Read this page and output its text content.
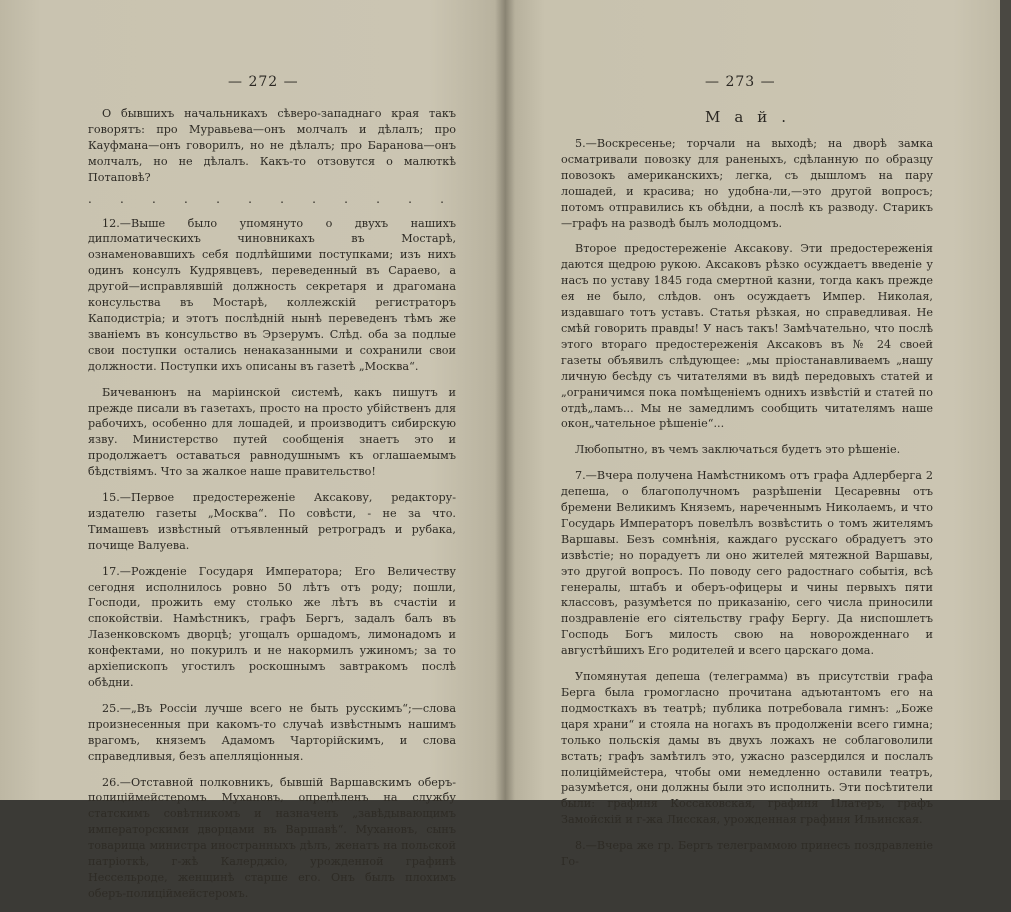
— 272 —

О бывшихъ начальникахъ сѣверо-западнаго края такъ говорятъ: про Муравьева—онъ молчалъ и дѣлалъ; про Кауфмана—онъ говорилъ, но не дѣлалъ; про Баранова—онъ молчалъ, но не дѣлалъ. Какъ-то отзовутся о малюткѣ Потаповѣ?

. . . . . . . . . . . .

12.—Выше было упомянуто о двухъ нашихъ дипломатическихъ чиновникахъ въ Мостарѣ, ознаменовавшихъ себя подлѣйшими поступками; изъ нихъ одинъ консулъ Кудрявцевъ, переведенный въ Сараево, а другой—исправлявшій должность секретаря и драгомана консульства въ Мостарѣ, коллежскій регистраторъ Каподистріа; и этотъ послѣдній нынѣ переведенъ тѣмъ же званіемъ въ консульство въ Эрзерумъ. Слѣд. оба за подлые свои поступки остались ненаказанными и сохранили свои должности. Поступки ихъ описаны въ газетѣ „Москва“.

Бичеванюнъ на маріинской системѣ, какъ пишутъ и прежде писали въ газетахъ, просто на просто убійственъ для рабочихъ, особенно для лошадей, и производитъ сибирскую язву. Министерство путей сообщенія знаетъ это и продолжаетъ оставаться равнодушнымъ къ оглашаемымъ бѣдствіямъ. Что за жалкое наше правительство!

15.—Первое предостереженіе Аксакову, редактору-издателю газеты „Москва“. По совѣсти, - не за что. Тимашевъ извѣстный отъявленный ретроградъ и рубака, почище Валуева.

17.—Рожденіе Государя Императора; Его Величеству сегодня исполнилось ровно 50 лѣтъ отъ роду; пошли, Господи, прожить ему столько же лѣтъ въ счастіи и спокойствіи. Намѣстникъ, графъ Бергъ, задалъ балъ въ Лазенковскомъ дворцѣ; угощалъ оршадомъ, лимонадомъ и конфектами, но покурилъ и не накормилъ ужиномъ; за то архіепископъ угостилъ роскошнымъ завтракомъ послѣ обѣдни.

25.—„Въ Россіи лучше всего не быть русскимъ“;—слова произнесенныя при какомъ-то случаѣ извѣстнымъ нашимъ врагомъ, княземъ Адамомъ Чарторійскимъ, и слова справедливыя, безъ апелляціонныя.

26.—Отставной полковникъ, бывшій Варшавскимъ оберъ-полиціймейстеромъ Мухановъ, опредѣленъ на службу статскимъ совѣтникомъ и назначенъ „завѣдывающимъ императорскими дворцами въ Варшавѣ“. Мухановъ, сынъ товарища министра иностранныхъ дѣлъ, женатъ на польской патріоткѣ, г-жѣ Калерджіо, урожденной графинѣ Нессельроде, женщинѣ старше его. Онъ былъ плохимъ оберъ-полиціймейстеромъ.

— 273 —
Май.

5.—Воскресенье; торчали на выходѣ; на дворѣ замка осматривали повозку для раненыхъ, сдѣланную по образцу повозокъ американскихъ; легка, съ дышломъ на пару лошадей, и красива; но удобна-ли,—это другой вопросъ; потомъ отправились къ обѣдни, а послѣ къ разводу. Старикъ—графъ на разводѣ былъ молодцомъ.

Второе предостереженіе Аксакову. Эти предостереженія даются щедрою рукою. Аксаковъ рѣзко осуждаетъ введеніе у насъ по уставу 1845 года смертной казни, тогда какъ прежде ея не было, слѣдов. онъ осуждаетъ Импер. Николая, издавшаго тотъ уставъ. Статья рѣзкая, но справедливая. Не смѣй говорить правды! У насъ такъ! Замѣчательно, что послѣ этого втораго предостереженія Аксаковъ въ № 24 своей газеты объявилъ слѣдующее: „мы пріостанавливаемъ „нашу личную бесѣду съ читателями въ видѣ передовыхъ статей и „ограничимся пока помѣщеніемъ однихъ извѣстій и статей по отдѣ„ламъ... Мы не замедлимъ сообщить читателямъ наше окон„чательное рѣшеніе“...

Любопытно, въ чемъ заключаться будетъ это рѣшеніе.

7.—Вчера получена Намѣстникомъ отъ графа Адлерберга 2 депеша, о благополучномъ разрѣшеніи Цесаревны отъ бремени Великимъ Княземъ, нареченнымъ Николаемъ, и что Государь Императоръ повелѣлъ возвѣстить о томъ жителямъ Варшавы. Безъ сомнѣнія, каждаго русскаго обрадуетъ это извѣстіе; но порадуетъ ли оно жителей мятежной Варшавы, это другой вопросъ. По поводу сего радостнаго событія, всѣ генералы, штабъ и оберъ-офицеры и чины первыхъ пяти классовъ, разумѣется по приказанію, сего числа приносили поздравленіе его сіятельству графу Бергу. Да ниспошлетъ Господь Богъ милость свою на новорожденнаго и августѣйшихъ Его родителей и всего царскаго дома.

Упомянутая депеша (телеграмма) въ присутствіи графа Берга была громогласно прочитана адъютантомъ его на подмосткахъ въ театрѣ; публика потребовала гимнъ: „Боже царя храни“ и стояла на ногахъ въ продолженіи всего гимна; только польскія дамы въ двухъ ложахъ не соблаговолили встать; графъ замѣтилъ это, ужасно разсердился и послалъ полиціймейстера, чтобы оми немедленно оставили театръ, разумѣется, они должны были это исполнить. Эти посѣтители были: графиня Коссаковская, графиня Платеръ, графъ Замойскій и г-жа Лисская, урожденная графиня Ильинская.

8.—Вчера же гр. Бергъ телеграммою принесъ поздравленіе Го-
